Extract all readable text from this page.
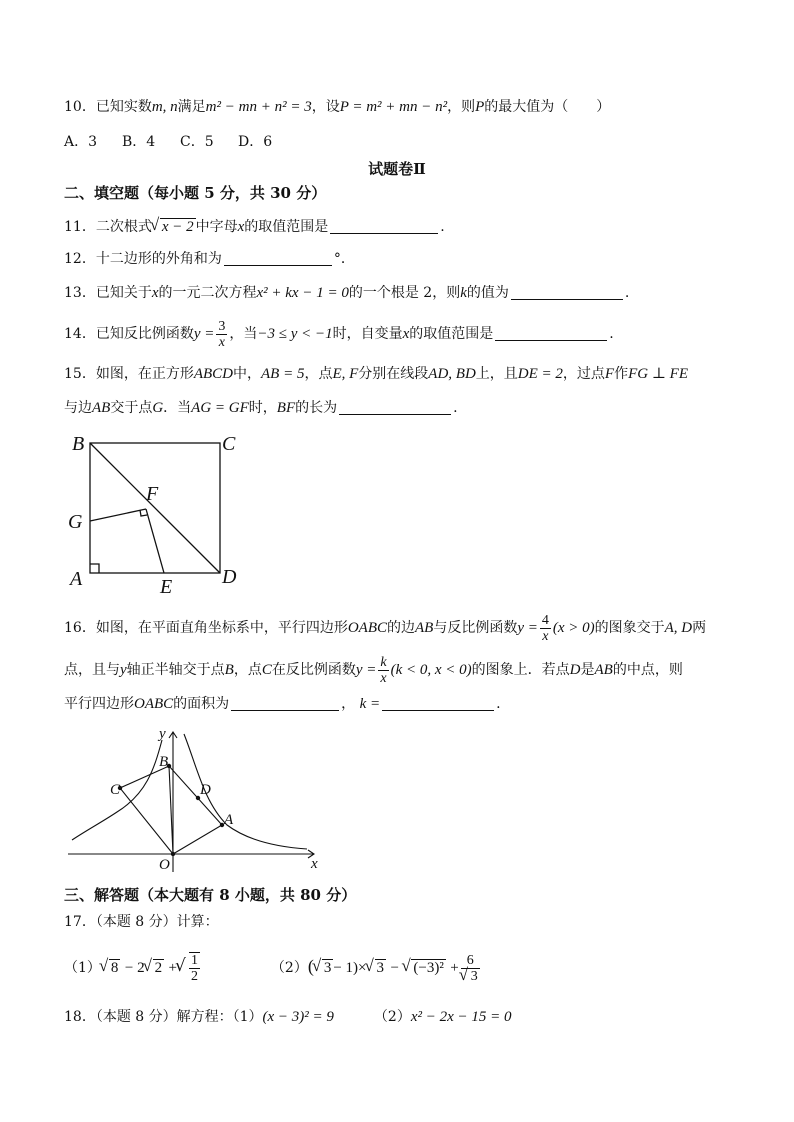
10．已知实数m, n满足m² − mn + n² = 3，设P = m² + mn − n²，则P的最大值为（　　）
A．3 B．4 C．5 D．6
试题卷Ⅱ
二、填空题（每小题 5 分，共 30 分）
11．二次根式 √ x − 2 中字母x的取值范围是	.
12．十二边形的外角和为	°．
13．已知关于x的一元二次方程x² + kx − 1 = 0的一个根是 2，则k的值为	.
14．已知反比例函数$y = \frac{3}{x}$ ，当−3 ≤ y < −1时，自变量x的取值范围是	.
15．如图，在正方形ABCD中，AB = 5，点E, F分别在线段AD, BD上，且DE = 2，过点F作FG ⊥ FE
与边AB交于点G．当AG = GF时，BF的长为	.
B	C
G
F
A	E D
16．如图，在平面直角坐标系中，平行四边形OABC的边AB与反比例函数$y = \frac{4}{x} (x > 0)$的图象交于A, D两
点，且与y轴正半轴交于点B，点C在反比例函数$y = \frac{k}{x} (k < 0$, x < 0)的图象上．若点D是AB的中点，则
平行四边形OABC的面积为	， k =	.
y
B
C	D
A
O	x
三、解答题（本大题有 8 小题，共 80 分）
17．（本题 8 分）计算：
（1） √ 8 − 2 √ 2 + √ $\frac{1}{2}$	（2）( √ 3 − 1)× √ 3 − √ (−3)² + 6
√ 3
18．（本题 8 分）解方程：（1）(x − 3)² = 9	（2）x² − 2x − 15 = 0
